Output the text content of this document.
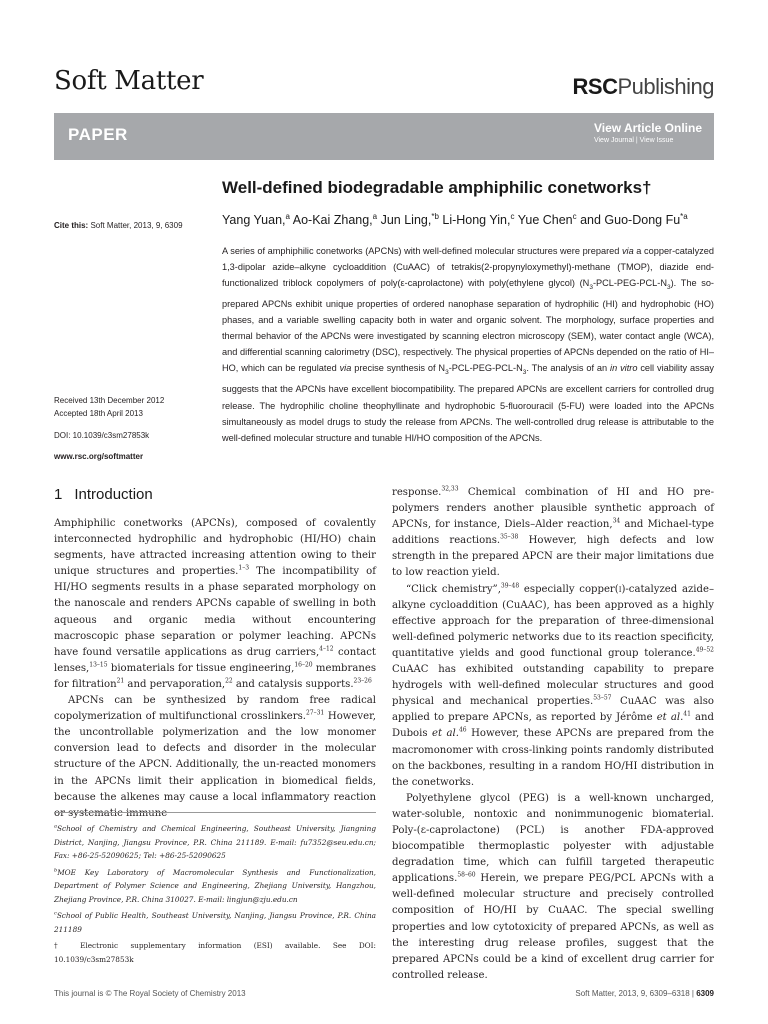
Soft Matter	RSCPublishing
PAPER	View Article Online
View Journal | View Issue
Well-defined biodegradable amphiphilic conetworks†
Yang Yuan,$^a$ Ao-Kai Zhang,$^a$ Jun Ling,$^{*b}$ Li-Hong Yin,$^c$ Yue Chen$^c$ and Guo-Dong Fu$^{*a}$
Cite this: Soft Matter, 2013, 9, 6309
A series of amphiphilic conetworks (APCNs) with well-defined molecular structures were prepared via a copper-catalyzed 1,3-dipolar azide–alkyne cycloaddition (CuAAC) of tetrakis(2-propynyloxymethyl)-methane (TMOP), diazide end-functionalized triblock copolymers of poly(ε-caprolactone) with poly(ethylene glycol) $(N_3-PCL-PEG-PCL-N_3)$. The so-prepared APCNs exhibit unique properties of ordered nanophase separation of hydrophilic (HI) and hydrophobic (HO) phases, and a variable swelling capacity both in water and organic solvent. The morphology, surface properties and thermal behavior of the APCNs were investigated by scanning electron microscopy (SEM), water contact angle (WCA), and differential scanning calorimetry (DSC), respectively. The physical properties of APCNs depended on the ratio of HI–HO, which can be regulated via precise synthesis of $N_3-PCL-PEG-PCL-N_3$. The analysis of an in vitro cell viability assay suggests that the APCNs have excellent biocompatibility. The prepared APCNs are excellent carriers for controlled drug release. The hydrophilic choline theophyllinate and hydrophobic 5-fluorouracil (5-FU) were loaded into the APCNs simultaneously as model drugs to study the release from APCNs. The well-controlled drug release is attributable to the well-defined molecular structure and tunable HI/HO composition of the APCNs.
Received 13th December 2012
Accepted 18th April 2013
DOI: 10.1039/c3sm27853k
www.rsc.org/softmatter
1 Introduction

Amphiphilic conetworks (APCNs), composed of covalently interconnected hydrophilic and hydrophobic (HI/HO) chain segments, have attracted increasing attention owing to their unique structures and properties.$^{1-3}$ The incompatibility of HI/HO segments results in a phase separated morphology on the nanoscale and renders APCNs capable of swelling in both aqueous and organic media without encountering macroscopic phase separation or polymer leaching. APCNs have found versatile applications as drug carriers,$^{4-12}$ contact lenses,$^{13-15}$ biomaterials for tissue engineering,$^{16-20}$ membranes for filtration$^{21}$ and pervaporation,$^{22}$ and catalysis supports.$^{23-26}$

APCNs can be synthesized by random free radical copolymerization of multifunctional crosslinkers.$^{27-31}$ However, the uncontrollable polymerization and the low monomer conversion lead to defects and disorder in the molecular structure of the APCN. Additionally, the un-reacted monomers in the APCNs limit their application in biomedical fields, because the alkenes may cause a local inflammatory reaction or systematic immune

response.$^{32,33}$ Chemical combination of HI and HO pre-polymers renders another plausible synthetic approach of APCNs, for instance, Diels–Alder reaction,$^{34}$ and Michael-type additions reactions.$^{35-38}$ However, high defects and low strength in the prepared APCN are their major limitations due to low reaction yield.

“Click chemistry”,$^{39-48}$ especially copper(i)-catalyzed azide–alkyne cycloaddition (CuAAC), has been approved as a highly effective approach for the preparation of three-dimensional well-defined polymeric networks due to its reaction specificity, quantitative yields and good functional group tolerance.$^{49-52}$ CuAAC has exhibited outstanding capability to prepare hydrogels with well-defined molecular structures and good physical and mechanical properties.$^{53-57}$ CuAAC was also applied to prepare APCNs, as reported by Jérôme et al.$^{41}$ and Dubois et al.$^{46}$ However, these APCNs are prepared from the macromonomer with cross-linking points randomly distributed on the backbones, resulting in a random HO/HI distribution in the conetworks.

Polyethylene glycol (PEG) is a well-known uncharged, water-soluble, nontoxic and nonimmunogenic biomaterial. Poly-(ε-caprolactone) (PCL) is another FDA-approved biocompatible thermoplastic polyester with adjustable degradation time, which can fulfill targeted therapeutic applications.$^{58-60}$ Herein, we prepare PEG/PCL APCNs with a well-defined molecular structure and precisely controlled composition of HO/HI by CuAAC. The special swelling properties and low cytotoxicity of prepared APCNs, as well as the interesting drug release profiles, suggest that the prepared APCNs could be a kind of excellent drug carrier for controlled release.

$^a$School of Chemistry and Chemical Engineering, Southeast University, Jiangning District, Nanjing, Jiangsu Province, P.R. China 211189. E-mail: fu7352@seu.edu.cn; Fax: +86-25-52090625; Tel: +86-25-52090625

$^b$MOE Key Laboratory of Macromolecular Synthesis and Functionalization, Department of Polymer Science and Engineering, Zhejiang University, Hangzhou, Zhejiang Province, P.R. China 310027. E-mail: lingjun@zju.edu.cn

$^c$School of Public Health, Southeast University, Nanjing, Jiangsu Province, P.R. China 211189

† Electronic supplementary information (ESI) available. See DOI: 10.1039/c3sm27853k

This journal is © The Royal Society of Chemistry 2013	Soft Matter, 2013, 9, 6309–6318 | 6309
